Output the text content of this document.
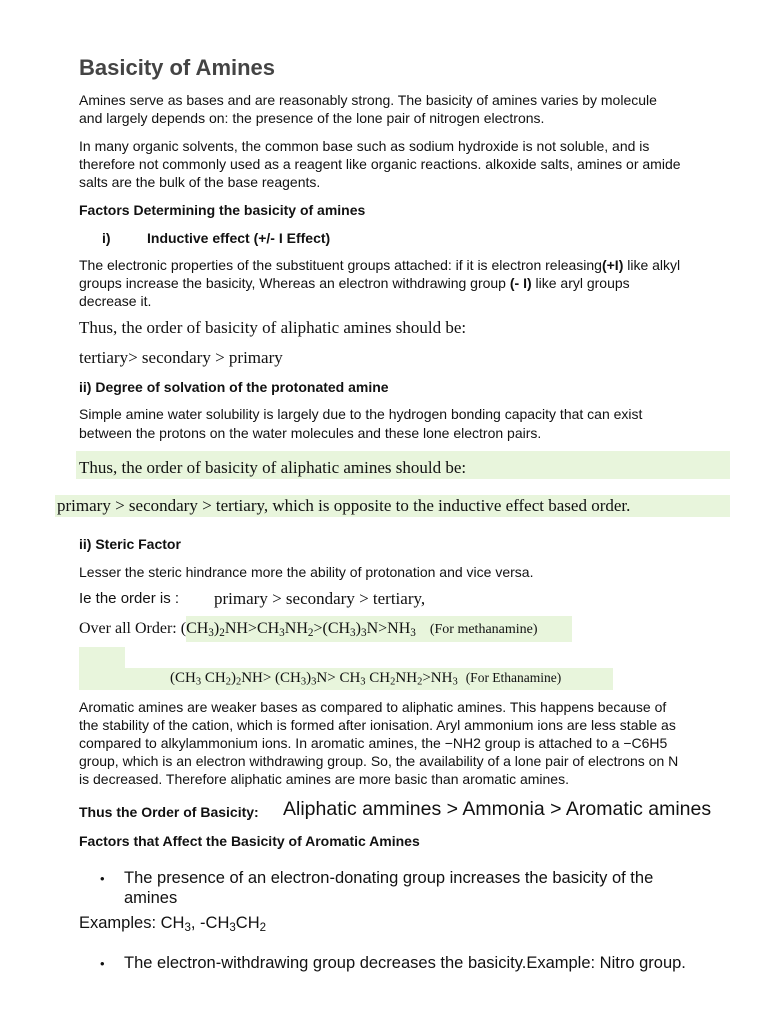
Basicity of Amines
Amines serve as bases and are reasonably strong. The basicity of amines varies by molecule
and largely depends on: the presence of the lone pair of nitrogen electrons.
In many organic solvents, the common base such as sodium hydroxide is not soluble, and is
therefore not commonly used as a reagent like organic reactions. alkoxide salts, amines or amide
salts are the bulk of the base reagents.
Factors Determining the basicity of amines
i)	Inductive effect (+/- I Effect)
The electronic properties of the substituent groups attached: if it is electron releasing(+I) like alkyl
groups increase the basicity, Whereas an electron withdrawing group (- I) like aryl groups
decrease it.
Thus, the order of basicity of aliphatic amines should be:
tertiary> secondary > primary
ii) Degree of solvation of the protonated amine
Simple amine water solubility is largely due to the hydrogen bonding capacity that can exist
between the protons on the water molecules and these lone electron pairs.
Thus, the order of basicity of aliphatic amines should be:
primary > secondary > tertiary, which is opposite to the inductive effect based order.
ii) Steric Factor
Lesser the steric hindrance more the ability of protonation and vice versa.
Ie the order is : primary > secondary > tertiary,
Over all Order: $(CH_3)_2NH>CH_3NH_2>(CH_3)_3N>NH_3$ (For methanamine)
($CH_3$ $CH_2)_2NH> (CH_3)_3N> CH_3$ $CH_2NH_2>NH_3$ (For Ethanamine)
Aromatic amines are weaker bases as compared to aliphatic amines. This happens because of
the stability of the cation, which is formed after ionisation. Aryl ammonium ions are less stable as
compared to alkylammonium ions. In aromatic amines, the −NH2 group is attached to a −C6H5
group, which is an electron withdrawing group. So, the availability of a lone pair of electrons on N
is decreased. Therefore aliphatic amines are more basic than aromatic amines.
Thus the Order of Basicity: Aliphatic ammines > Ammonia > Aromatic amines
Factors that Affect the Basicity of Aromatic Amines
• The presence of an electron-donating group increases the basicity of the
amines
Examples: $CH_3$, $-CH_3CH_2$
• The electron-withdrawing group decreases the basicity.Example: Nitro group.
